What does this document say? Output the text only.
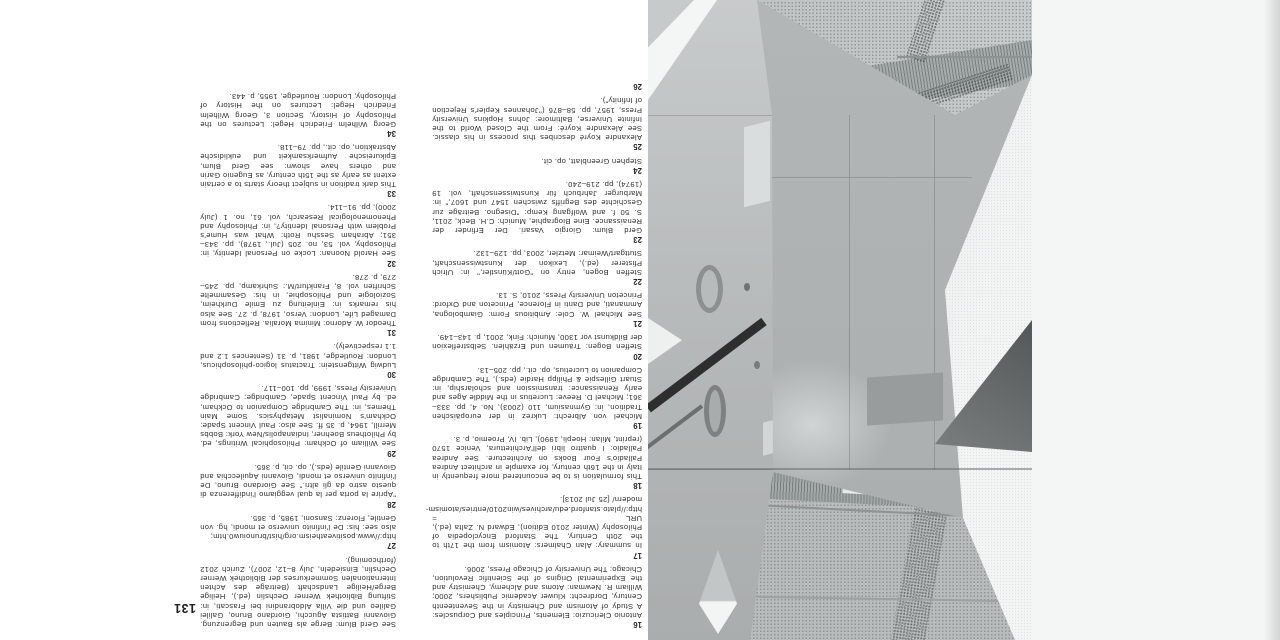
131
16
Antonio Clericuzio: Elements, Principles and Corpuscles: A Study of Atomism and Chemistry in the Seventeenth Century, Dordrecht: Kluwer Academic Publishers, 2000; William R. Newman: Atoms and Alchemy, Chemistry and the Experimental Origins of the Scientific Revolution, Chicago: The University of Chicago Press, 2006.
17
In summary: Alan Chalmers: Atomism from the 17th to the 20th Century, The Stanford Encyclopedia of Philosophy (Winter 2010 Edition), Edward N. Zalta (ed.), URL = http://plato.stanford.edu/archives/win2010/entries/atomism-modern/ [25 Jul 2013].
18
This formulation is to be encountered more frequently in Italy in the 16th century, for example in architect Andrea Palladio's Four Books on Architecture. See Andrea Palladio: I quattro libri dell'Architettura, Venice 1570 (reprint, Milan: Hoepli, 1990), Lib. IV, Proemio, p. 3.
19
Michael von Albrecht: Lukrez in der europäischen Tradition, in: Gymnasium, 110 (2003), No. 4, pp. 333–361; Michael D. Reeve: Lucretius in the Middle Ages and early Renaissance: transmission and scholarship, in: Stuart Gillespie & Philipp Hardie (eds.), The Cambridge Companion to Lucretius, op. cit., pp. 205–13.
20
Steffen Bogen: Träumen und Erzählen. Selbstreflexion der Bildkunst vor 1300, Munich: Fink, 2001, p. 143–149.
21
See Michael W. Cole: Ambitious Form: Giambologna, Ammanati, and Danti in Florence, Princeton and Oxford: Princeton University Press, 2010, S. 13.
22
Steffen Bogen, entry on "Gott/Künstler," in: Ulrich Pfisterer (ed.), Lexikon der Kunstwissenschaft, Stuttgart/Weimar: Metzler, 2003, pp. 129–132.
23
Gerd Blum: Giorgio Vasari. Der Erfinder der Renaissance. Eine Biographie, Munich: C.H. Beck, 2011, S. 50 f. and Wolfgang Kemp: "Disegno. Beiträge zur Geschichte des Begriffs zwischen 1547 und 1607," in: Marburger Jahrbuch für Kunstwissenschaft, vol. 19 (1974), pp. 219–240.
24
Stephen Greenblatt, op. cit.
25
Alexandre Koyré describes this process in his classic. See Alexandre Koyré: From the Closed World to the Infinite Universe, Baltimore: Johns Hopkins University Press, 1957, pp. 58–876 ("Johannes Kepler's Rejection of Infinity").
26
See Gerd Blum: Berge als Bauten und Begrenzung. Giovanni Battista Agucchi, Giordano Bruno, Galilei Galileo und die Villa Aldobrandini bei Frascati, in: Stiftung Bibliothek Werner Oechslin (ed.), Heilige Berge/Heilige Landschaft (Beiträge des Achten Internationalen Sommerkurses der Bibliothek Werner Oechslin, Einsiedeln, July 8–12, 2007), Zurich 2012 (forthcoming).
27
http://www.positiveatheism.org/hist/brunoiuw0.htm; also see: his: De l'infinito universo et mondi, hg. von Gentile, Florenz: Sansoni, 1985, p. 365.
28
"Aprire la porta per la qual veggiamo l'indifferenza di questo astro da gli altri." See Giordano Bruno, De l'infinito universo et mondi, Giovanni Aquilecchia and Giovanni Gentile (eds.), op. cit, p. 365.
29
See William of Ockham: Philosophical Writings, ed. by Philotheus Boehner, Indianapolis/New York: Bobbs Merrill, 1964, p. 35 ff. See also: Paul Vincent Spade: Ockham's Nominalist Metaphysics. Some Main Themes, in: The Cambridge Companion to Ockham, ed. by Paul Vincent Spade, Cambridge: Cambridge University Press, 1999, pp. 100–117.
30
Ludwig Wittgenstein: Tractatus logico-philosophicus, London: Routledge, 1981, p. 31 (Sentences 1.2 and 1.1 respectively).
31
Theodor W. Adorno: Minima Moralia. Reflections from Damaged Life, London: Verso, 1978, p. 27. See also his remarks in: Einleitung zu Emile Durkheim, Soziologie und Philosophie, in his: Gesammelte Schriften vol. 8, Frankfurt/M.: Suhrkamp, pp. 245–279, p. 278.
32
See Harold Noonan: Locke on Personal Identity, in: Philosophy, vol. 53, no. 205 (Jul., 1978), pp. 343–351; Abraham Sesshu Roth: What was Hume's Problem with Personal Identity?, in: Philosophy and Phenomenological Research, vol. 61, no. 1 (July 2000), pp. 91–114.
33
This dark tradition in subject theory starts to a certain extent as early as the 15th century, as Eugenio Garin and others have shown: see Gerd Blum, Epikureische Aufmerksamkeit und euklidische Abstraktion, op. cit., pp. 79–118.
34
Georg Wilhelm Friedrich Hegel: Lectures on the Philosophy of History, Section 3, Georg Wilhelm Friedrich Hegel: Lectures on the History of Philosophy, London: Routledge, 1955, p. 443.
